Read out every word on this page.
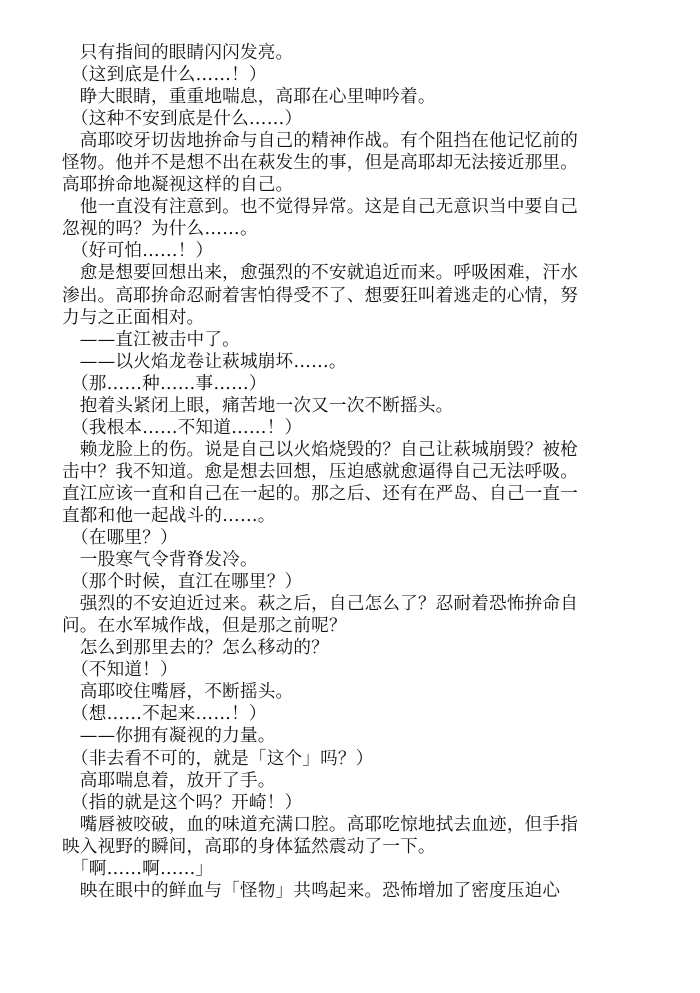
　只有指间的眼睛闪闪发亮。
　（这到底是什么……！）
　睁大眼睛，重重地喘息，高耶在心里呻吟着。
　（这种不安到底是什么……）
　高耶咬牙切齿地拚命与自己的精神作战。有个阻挡在他记忆前的
怪物。他并不是想不出在萩发生的事，但是高耶却无法接近那里。
高耶拚命地凝视这样的自己。
　他一直没有注意到。也不觉得异常。这是自己无意识当中要自己
忽视的吗？为什么……。
　（好可怕……！）
　愈是想要回想出来，愈强烈的不安就追近而来。呼吸困难，汗水
渗出。高耶拚命忍耐着害怕得受不了、想要狂叫着逃走的心情，努
力与之正面相对。
　——直江被击中了。
　——以火焰龙卷让萩城崩坏……。
　（那……种……事……）
　抱着头紧闭上眼，痛苦地一次又一次不断摇头。
　（我根本……不知道……！）
　赖龙脸上的伤。说是自己以火焰烧毁的？自己让萩城崩毁？被枪
击中？我不知道。愈是想去回想，压迫感就愈逼得自己无法呼吸。
直江应该一直和自己在一起的。那之后、还有在严岛、自己一直一
直都和他一起战斗的……。
　（在哪里？）
　一股寒气令背脊发冷。
　（那个时候，直江在哪里？）
　强烈的不安迫近过来。萩之后，自己怎么了？忍耐着恐怖拚命自
问。在水军城作战，但是那之前呢？
　怎么到那里去的？怎么移动的？
　（不知道！）
　高耶咬住嘴唇，不断摇头。
　（想……不起来……！）
　——你拥有凝视的力量。
　（非去看不可的，就是「这个」吗？）
　高耶喘息着，放开了手。
　（指的就是这个吗？开崎！）
　嘴唇被咬破，血的味道充满口腔。高耶吃惊地拭去血迹，但手指
映入视野的瞬间，高耶的身体猛然震动了一下。
　「啊……啊……」
　映在眼中的鲜血与「怪物」共鸣起来。恐怖增加了密度压迫心
